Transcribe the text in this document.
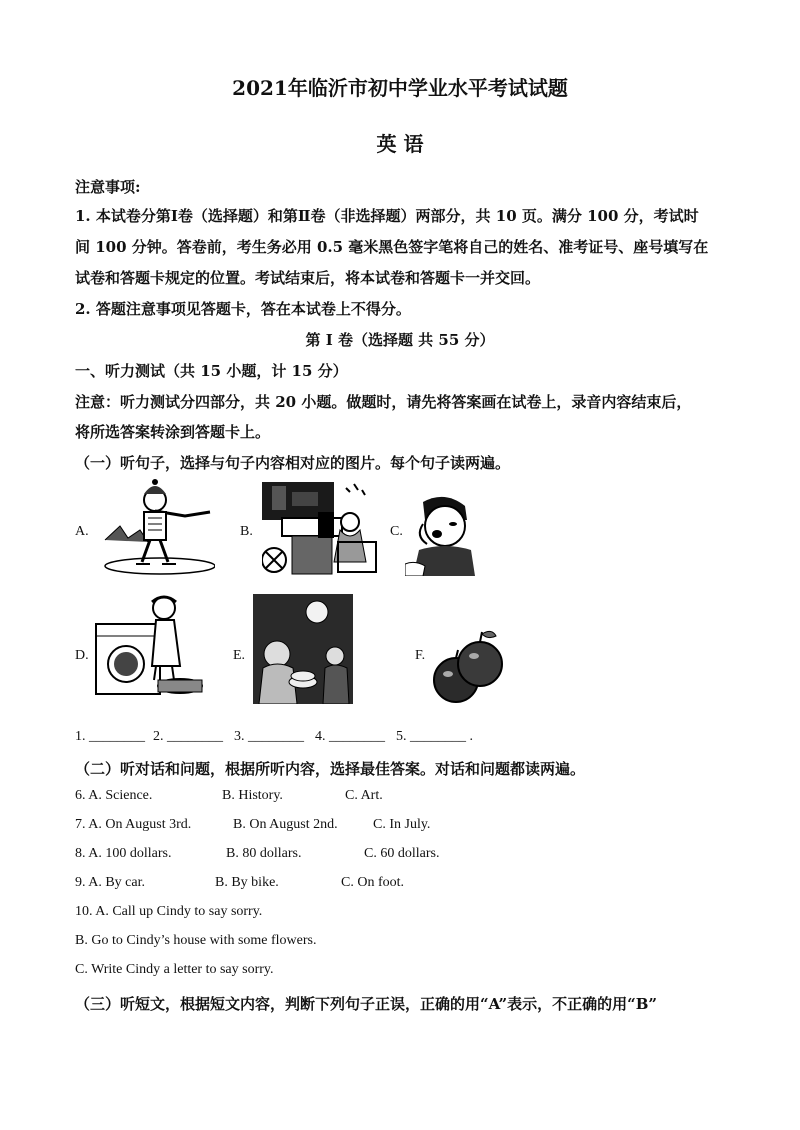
2021年临沂市初中学业水平考试试题
英 语
注意事项:
1. 本试卷分第Ⅰ卷（选择题）和第Ⅱ卷（非选择题）两部分，共 10 页。满分 100 分，考试时
间 100 分钟。答卷前，考生务必用 0.5 毫米黑色签字笔将自己的姓名、准考证号、座号填写在
试卷和答题卡规定的位置。考试结束后，将本试卷和答题卡一并交回。
2. 答题注意事项见答题卡，答在本试卷上不得分。
第 I 卷（选择题 共 55 分）
一、听力测试（共 15 小题，计 15 分）
注意：听力测试分四部分，共 20 小题。做题时，请先将答案画在试卷上，录音内容结束后，
将所选答案转涂到答题卡上。
（一）听句子，选择与句子内容相对应的图片。每个句子读两遍。
A.	B.	C.
D.	E.	F.
1. ________ 2. ________ 3. ________ 4. ________ 5. ________ .
（二）听对话和问题，根据所听内容，选择最佳答案。对话和问题都读两遍。
6. A. Science.	B. History.	C. Art.
7. A. On August 3rd.	B. On August 2nd.	C. In July.
8. A. 100 dollars.	B. 80 dollars.	C. 60 dollars.
9. A. By car.	B. By bike.	C. On foot.
10. A. Call up Cindy to say sorry.
B. Go to Cindy’s house with some flowers.
C. Write Cindy a letter to say sorry.
（三）听短文，根据短文内容，判断下列句子正误，正确的用“A”表示，不正确的用“B”
